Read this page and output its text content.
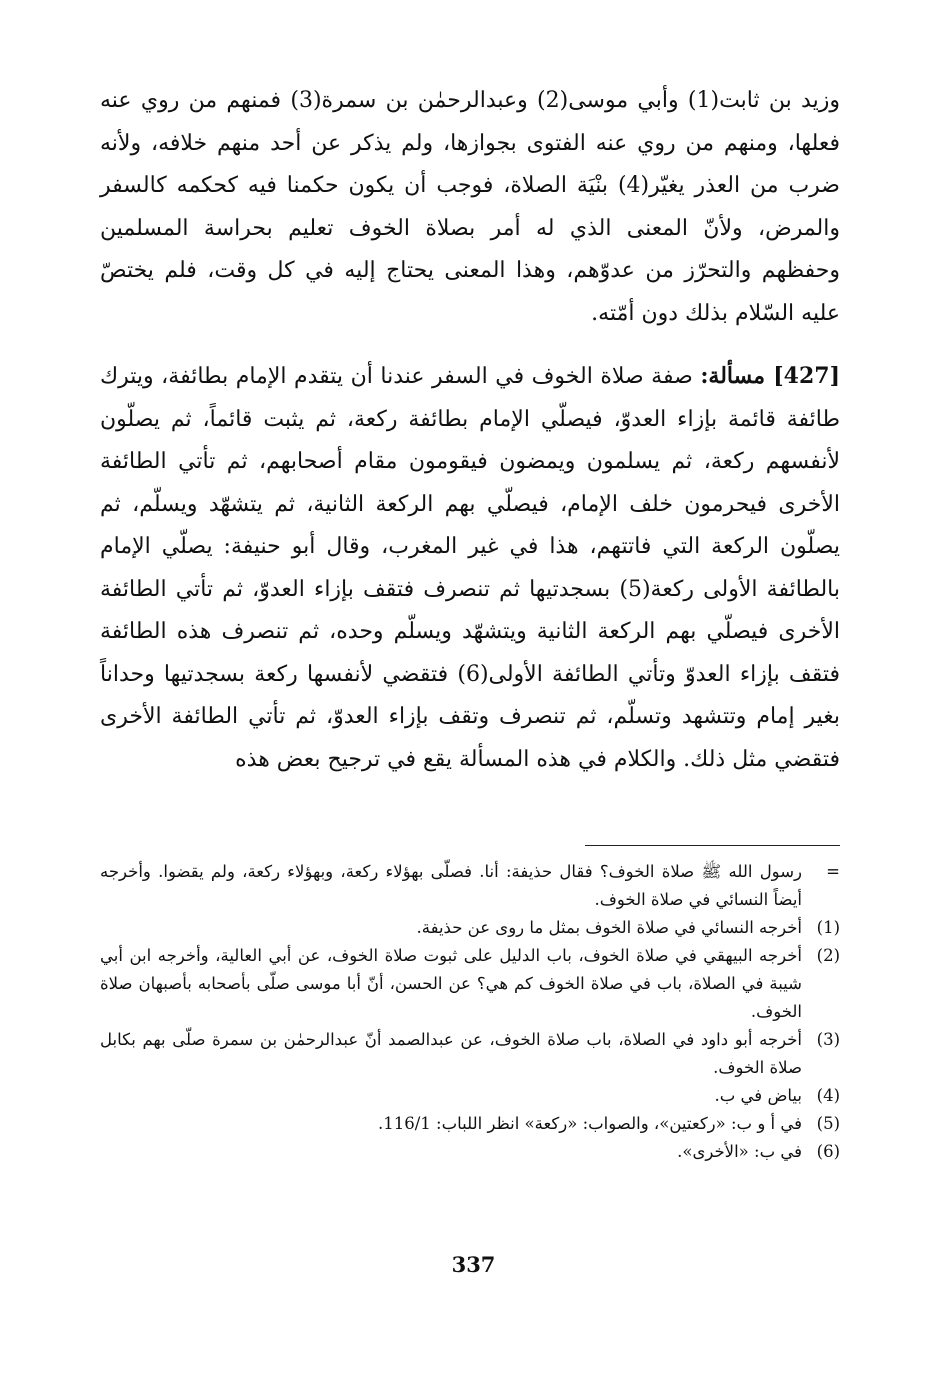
وزيد بن ثابت(1) وأبي موسى(2) وعبدالرحمٰن بن سمرة(3) فمنهم من روي عنه فعلها، ومنهم من روي عنه الفتوى بجوازها، ولم يذكر عن أحد منهم خلافه، ولأنه ضرب من العذر يغيّر(4) بنْيَة الصلاة، فوجب أن يكون حكمنا فيه كحكمه كالسفر والمرض، ولأنّ المعنى الذي له أمر بصلاة الخوف تعليم بحراسة المسلمين وحفظهم والتحرّز من عدوّهم، وهذا المعنى يحتاج إليه في كل وقت، فلم يختصّ عليه السّلام بذلك دون أمّته.

[427] مسألة: صفة صلاة الخوف في السفر عندنا أن يتقدم الإمام بطائفة، ويترك طائفة قائمة بإزاء العدوّ، فيصلّي الإمام بطائفة ركعة، ثم يثبت قائماً، ثم يصلّون لأنفسهم ركعة، ثم يسلمون ويمضون فيقومون مقام أصحابهم، ثم تأتي الطائفة الأخرى فيحرمون خلف الإمام، فيصلّي بهم الركعة الثانية، ثم يتشهّد ويسلّم، ثم يصلّون الركعة التي فاتتهم، هذا في غير المغرب، وقال أبو حنيفة: يصلّي الإمام بالطائفة الأولى ركعة(5) بسجدتيها ثم تنصرف فتقف بإزاء العدوّ، ثم تأتي الطائفة الأخرى فيصلّي بهم الركعة الثانية ويتشهّد ويسلّم وحده، ثم تنصرف هذه الطائفة فتقف بإزاء العدوّ وتأتي الطائفة الأولى(6) فتقضي لأنفسها ركعة بسجدتيها وحداناً بغير إمام وتتشهد وتسلّم، ثم تنصرف وتقف بإزاء العدوّ، ثم تأتي الطائفة الأخرى فتقضي مثل ذلك. والكلام في هذه المسألة يقع في ترجيح بعض هذه

=
رسول الله ﷺ صلاة الخوف؟ فقال حذيفة: أنا. فصلّى بهؤلاء ركعة، وبهؤلاء ركعة، ولم يقضوا. وأخرجه أيضاً النسائي في صلاة الخوف.
(1)
أخرجه النسائي في صلاة الخوف بمثل ما روى عن حذيفة.
(2)
أخرجه البيهقي في صلاة الخوف، باب الدليل على ثبوت صلاة الخوف، عن أبي العالية، وأخرجه ابن أبي شيبة في الصلاة، باب في صلاة الخوف كم هي؟ عن الحسن، أنّ أبا موسى صلّى بأصحابه بأصبهان صلاة الخوف.
(3)
أخرجه أبو داود في الصلاة، باب صلاة الخوف، عن عبدالصمد أنّ عبدالرحمٰن بن سمرة صلّى بهم بكابل صلاة الخوف.
(4)
بياض في ب.
(5)
في أ و ب: «ركعتين»، والصواب: «ركعة» انظر اللباب: 116/1.
(6)
في ب: «الأخرى».
337
